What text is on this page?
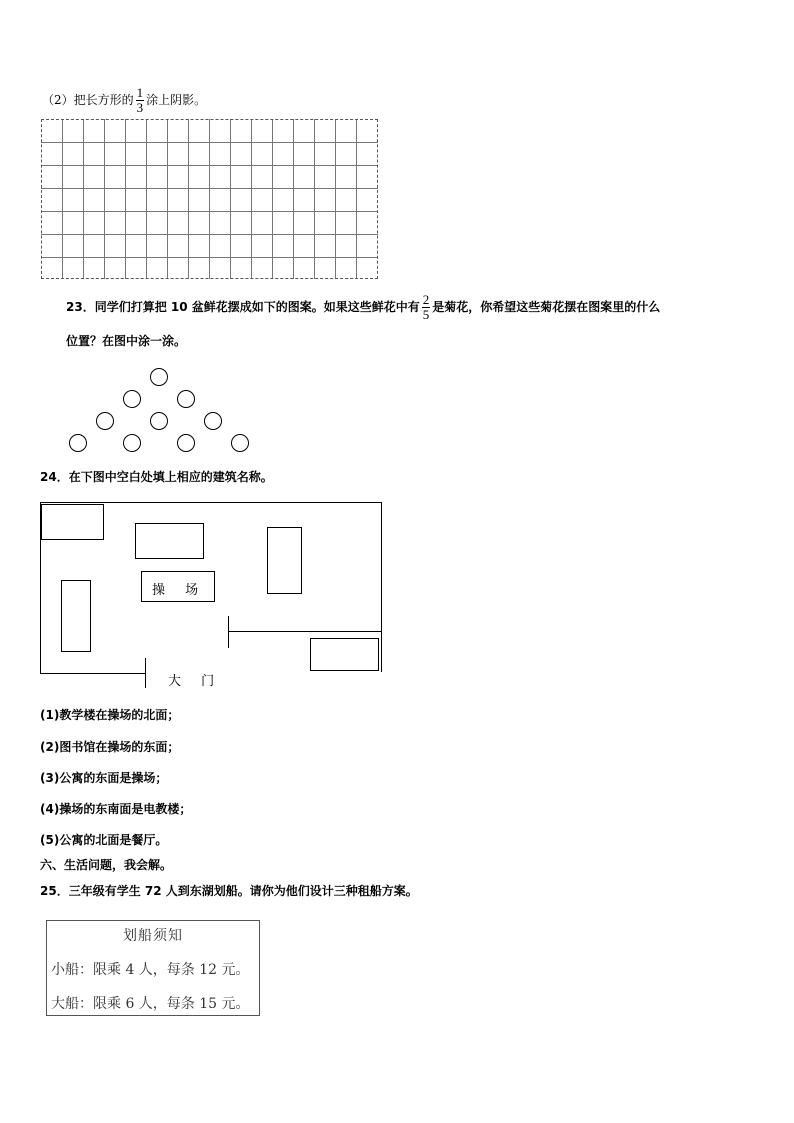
（2）把长方形的 $\frac{1}{3}$ 涂上阴影。
23．同学们打算把 10 盆鲜花摆成如下的图案。如果这些鲜花中有 $\frac{2}{5}$ 是菊花，你希望这些菊花摆在图案里的什么
位置？在图中涂一涂。
24．在下图中空白处填上相应的建筑名称。
操 场
大 门
(1)教学楼在操场的北面；
(2)图书馆在操场的东面；
(3)公寓的东面是操场；
(4)操场的东南面是电教楼；
(5)公寓的北面是餐厅。
六、生活问题，我会解。
25．三年级有学生 72 人到东湖划船。请你为他们设计三种租船方案。
划船须知
小船：限乘 4 人，每条 12 元。
大船：限乘 6 人，每条 15 元。
